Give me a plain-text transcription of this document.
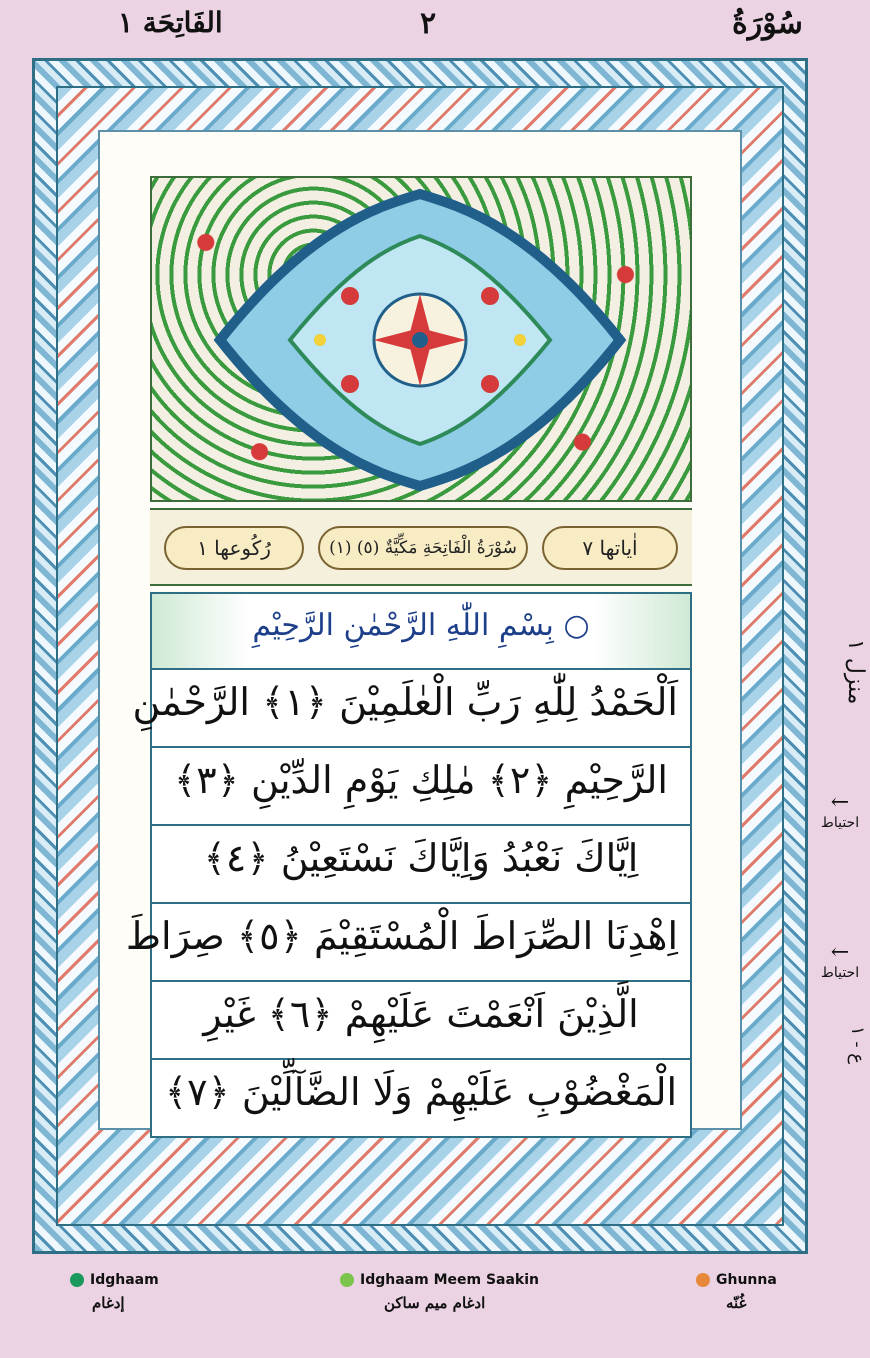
سُوْرَةُ
٢
الفَاتِحَة ١
اٰياتها ٧
(١) سُوْرَةُ الْفَاتِحَةِ مَكِّيَّةٌ (٥)
رُكُوعها ١
بِسْمِ اللّٰهِ الرَّحْمٰنِ الرَّحِيْمِ ○
اَلْحَمْدُ لِلّٰهِ رَبِّ الْعٰلَمِيْنَ ﴿١﴾ الرَّحْمٰنِ
الرَّحِيْمِ ﴿٢﴾ مٰلِكِ يَوْمِ الدِّيْنِ ﴿٣﴾
اِيَّاكَ نَعْبُدُ وَاِيَّاكَ نَسْتَعِيْنُ ﴿٤﴾
اِهْدِنَا الصِّرَاطَ الْمُسْتَقِيْمَ ﴿٥﴾ صِرَاطَ
الَّذِيْنَ اَنْعَمْتَ عَلَيْهِمْ ﴿٦﴾ غَيْرِ
الْمَغْضُوْبِ عَلَيْهِمْ وَلَا الضَّآلِّيْنَ ﴿٧﴾
منزل ١
←
احتياط
←
احتياط
ع - ١
Idghaam
إدغام
Idghaam Meem Saakin
ادغام میم ساکن
Ghunna
غُنّه
